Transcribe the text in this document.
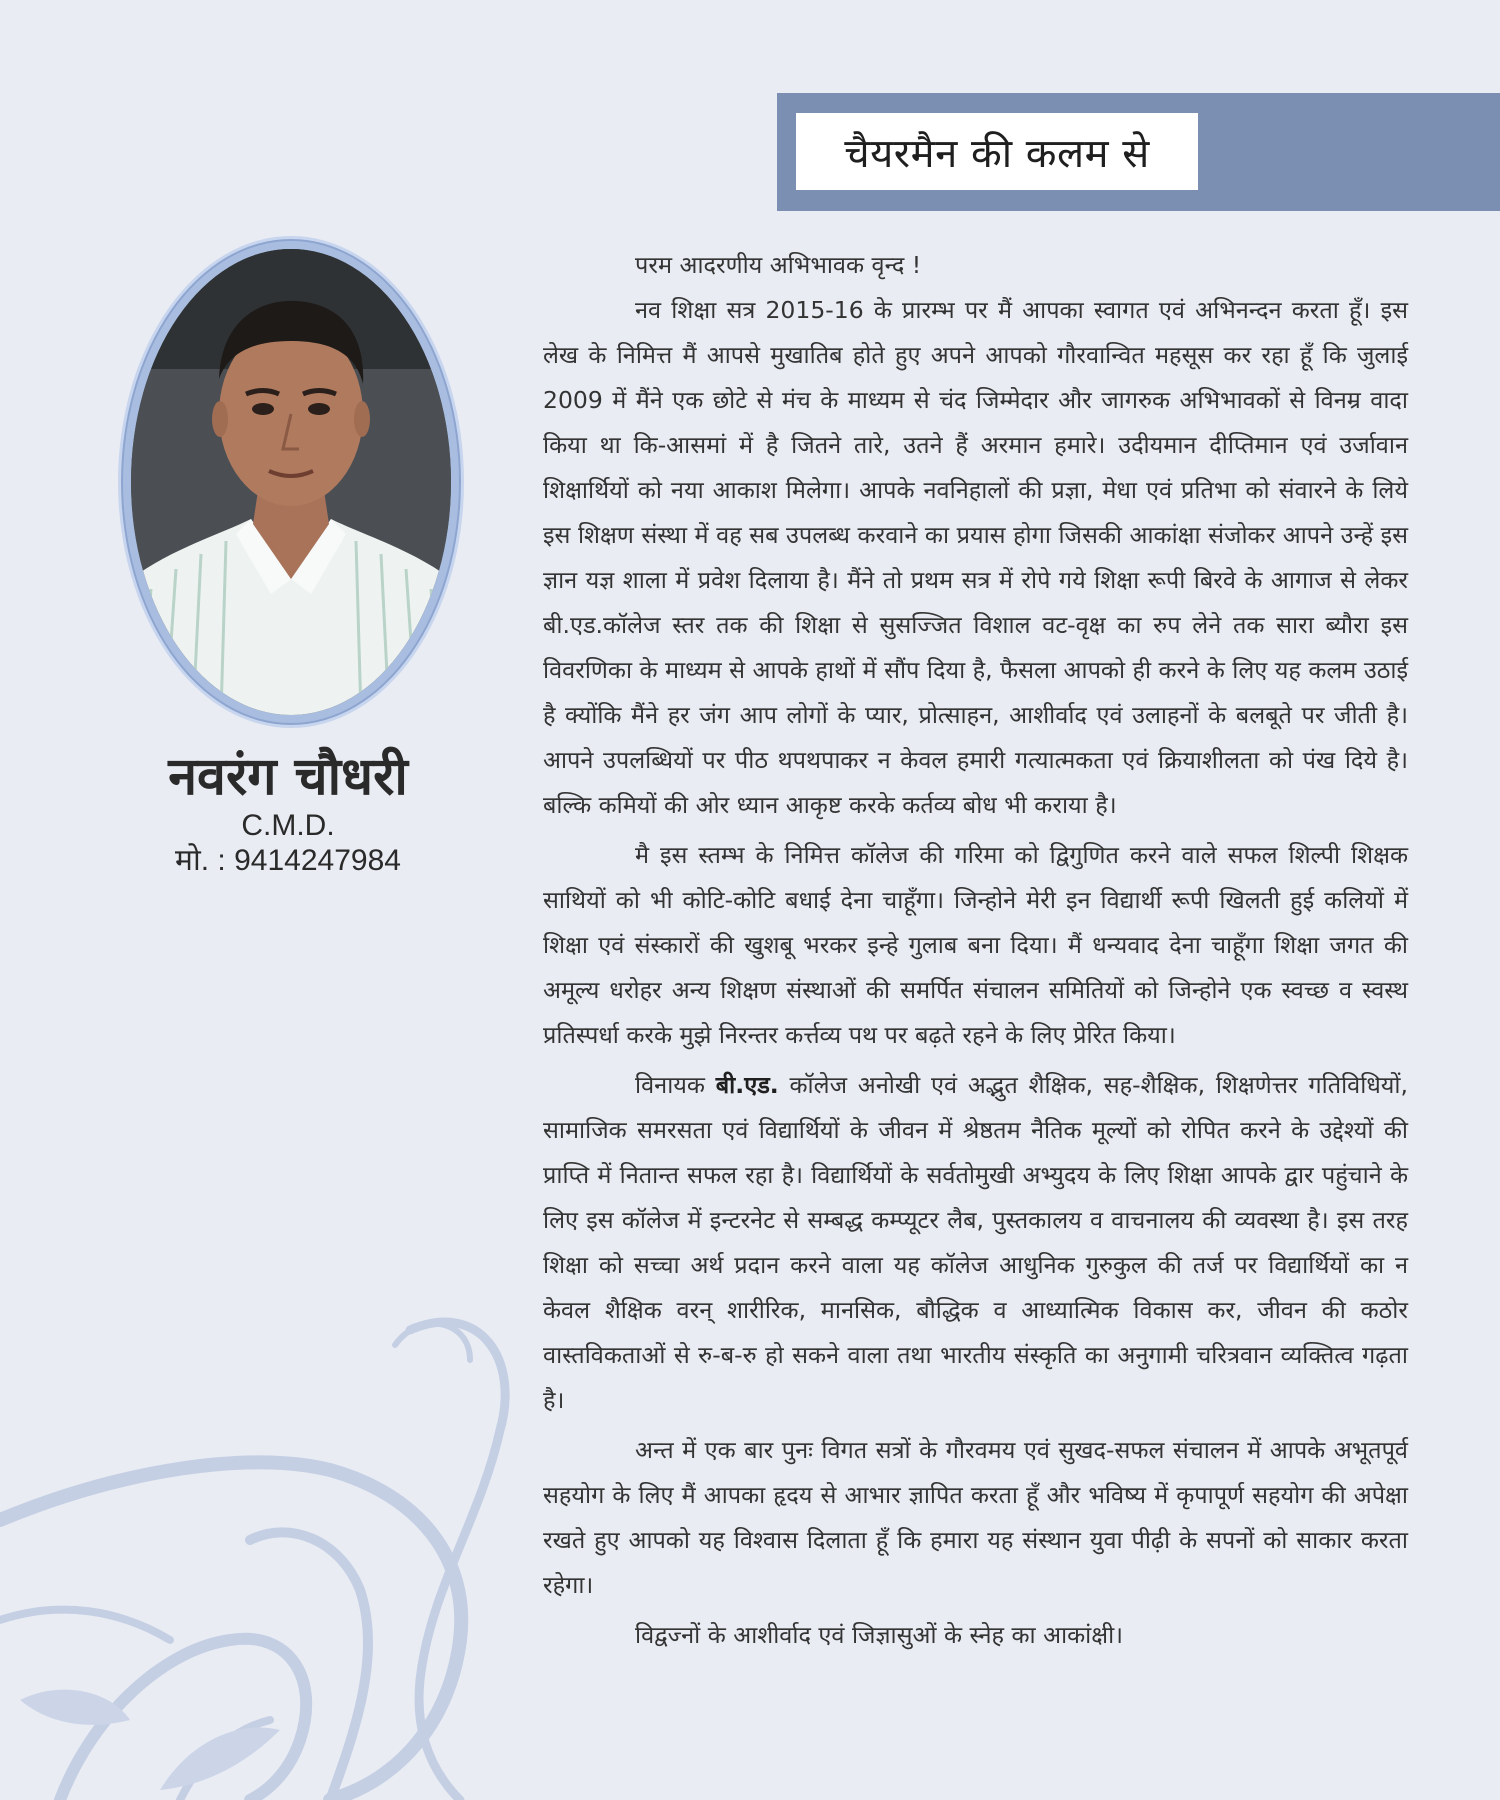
चैयरमैन की कलम से
नवरंग चौधरी
C.M.D.
मो. : 9414247984

परम आदरणीय अभिभावक वृन्द !

नव शिक्षा सत्र 2015-16 के प्रारम्भ पर मैं आपका स्वागत एवं अभिनन्दन करता हूँ। इस लेख के निमित्त मैं आपसे मुखातिब होते हुए अपने आपको गौरवान्वित महसूस कर रहा हूँ कि जुलाई 2009 में मैंने एक छोटे से मंच के माध्यम से चंद जिम्मेदार और जागरुक अभिभावकों से विनम्र वादा किया था कि-आसमां में है जितने तारे, उतने हैं अरमान हमारे। उदीयमान दीप्तिमान एवं उर्जावान शिक्षार्थियों को नया आकाश मिलेगा। आपके नवनिहालों की प्रज्ञा, मेधा एवं प्रतिभा को संवारने के लिये इस शिक्षण संस्था में वह सब उपलब्ध करवाने का प्रयास होगा जिसकी आकांक्षा संजोकर आपने उन्हें इस ज्ञान यज्ञ शाला में प्रवेश दिलाया है। मैंने तो प्रथम सत्र में रोपे गये शिक्षा रूपी बिरवे के आगाज से लेकर बी.एड.कॉलेज स्तर तक की शिक्षा से सुसज्जित विशाल वट-वृक्ष का रुप लेने तक सारा ब्यौरा इस विवरणिका के माध्यम से आपके हाथों में सौंप दिया है, फैसला आपको ही करने के लिए यह कलम उठाई है क्योंकि मैंने हर जंग आप लोगों के प्यार, प्रोत्साहन, आशीर्वाद एवं उलाहनों के बलबूते पर जीती है। आपने उपलब्धियों पर पीठ थपथपाकर न केवल हमारी गत्यात्मकता एवं क्रियाशीलता को पंख दिये है। बल्कि कमियों की ओर ध्यान आकृष्ट करके कर्तव्य बोध भी कराया है।

मै इस स्तम्भ के निमित्त कॉलेज की गरिमा को द्विगुणित करने वाले सफल शिल्पी शिक्षक साथियों को भी कोटि-कोटि बधाई देना चाहूँगा। जिन्होने मेरी इन विद्यार्थी रूपी खिलती हुई कलियों में शिक्षा एवं संस्कारों की खुशबू भरकर इन्हे गुलाब बना दिया। मैं धन्यवाद देना चाहूँगा शिक्षा जगत की अमूल्य धरोहर अन्य शिक्षण संस्थाओं की समर्पित संचालन समितियों को जिन्होने एक स्वच्छ व स्वस्थ प्रतिस्पर्धा करके मुझे निरन्तर कर्त्तव्य पथ पर बढ़ते रहने के लिए प्रेरित किया।

विनायक बी.एड. कॉलेज अनोखी एवं अद्भुत शैक्षिक, सह-शैक्षिक, शिक्षणेत्तर गतिविधियों, सामाजिक समरसता एवं विद्यार्थियों के जीवन में श्रेष्ठतम नैतिक मूल्यों को रोपित करने के उद्देश्यों की प्राप्ति में नितान्त सफल रहा है। विद्यार्थियों के सर्वतोमुखी अभ्युदय के लिए शिक्षा आपके द्वार पहुंचाने के लिए इस कॉलेज में इन्टरनेट से सम्बद्ध कम्प्यूटर लैब, पुस्तकालय व वाचनालय की व्यवस्था है। इस तरह शिक्षा को सच्चा अर्थ प्रदान करने वाला यह कॉलेज आधुनिक गुरुकुल की तर्ज पर विद्यार्थियों का न केवल शैक्षिक वरन् शारीरिक, मानसिक, बौद्धिक व आध्यात्मिक विकास कर, जीवन की कठोर वास्तविकताओं से रु-ब-रु हो सकने वाला तथा भारतीय संस्कृति का अनुगामी चरित्रवान व्यक्तित्व गढ़ता है।

अन्त में एक बार पुनः विगत सत्रों के गौरवमय एवं सुखद-सफल संचालन में आपके अभूतपूर्व सहयोग के लिए मैं आपका हृदय से आभार ज्ञापित करता हूँ और भविष्य में कृपापूर्ण सहयोग की अपेक्षा रखते हुए आपको यह विश्वास दिलाता हूँ कि हमारा यह संस्थान युवा पीढ़ी के सपनों को साकार करता रहेगा।

विद्वज्नों के आशीर्वाद एवं जिज्ञासुओं के स्नेह का आकांक्षी।
